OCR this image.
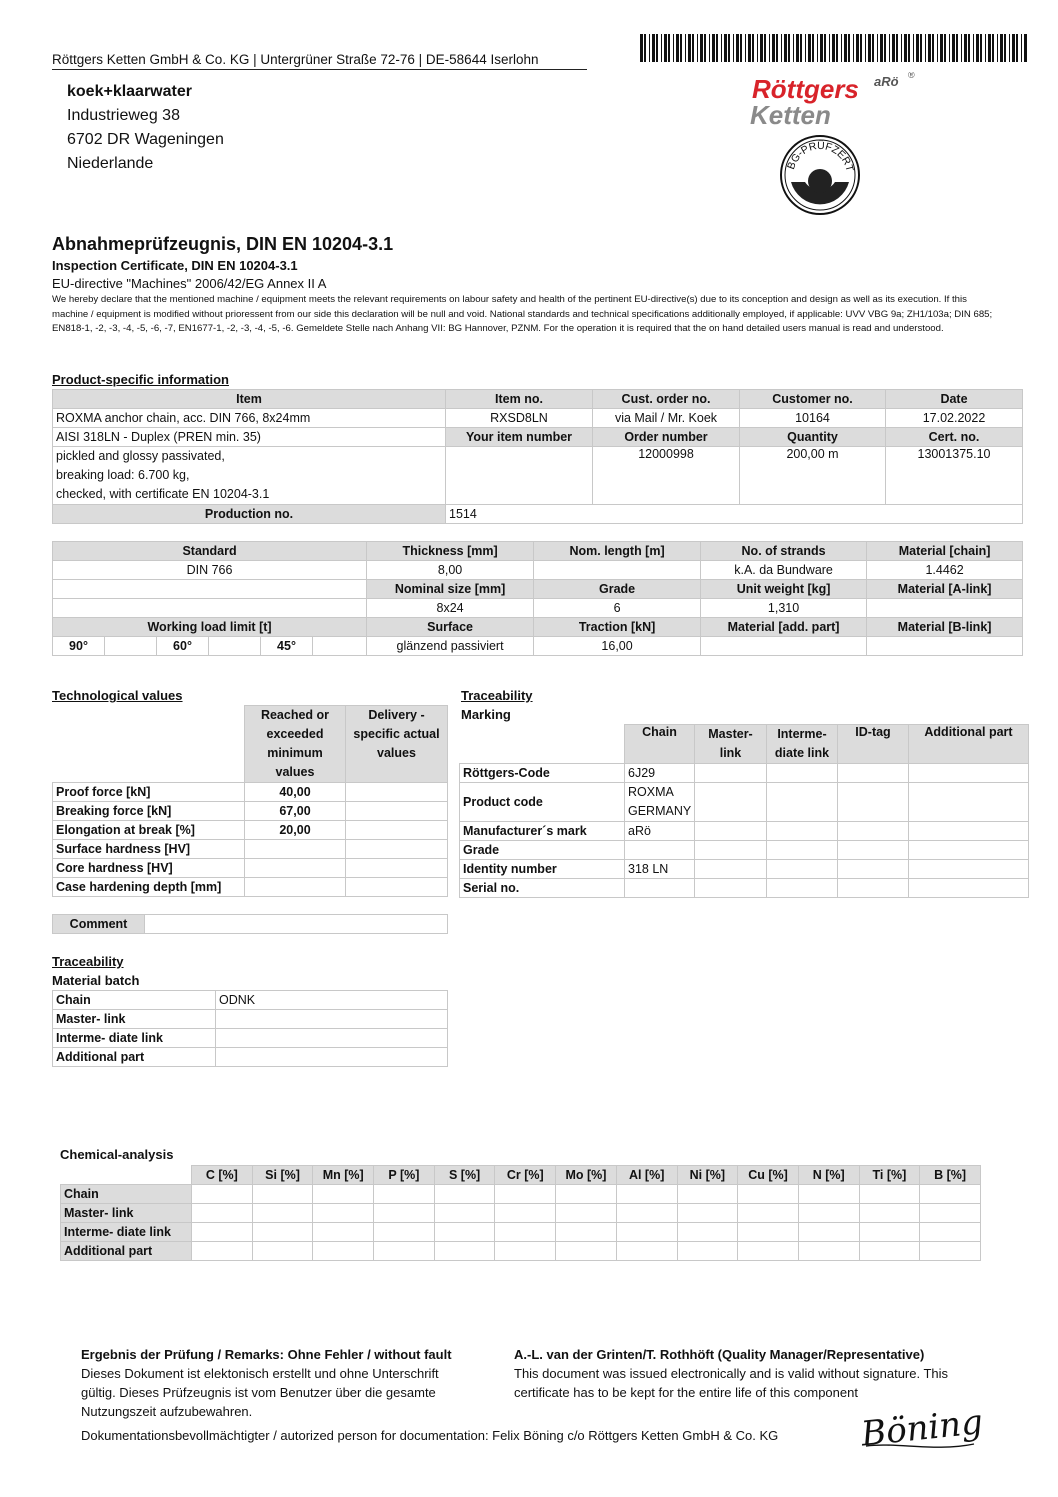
Röttgers Ketten GmbH & Co. KG | Untergrüner Straße 72-76 | DE-58644 Iserlohn
koek+klaarwater
Industrieweg 38
6702 DR Wageningen
Niederlande
Röttgers aRö ®
Ketten
BG-PRÜFZERT
Abnahmeprüfzeugnis, DIN EN 10204-3.1
Inspection Certificate, DIN EN 10204-3.1
EU-directive "Machines" 2006/42/EG Annex II A
We hereby declare that the mentioned machine / equipment meets the relevant requirements on labour safety and health of the pertinent EU-directive(s) due to its conception and design as well as its execution. If this machine / equipment is modified without prioressent from our side this declaration will be null and void. National standards and technical specifications additionally employed, if applicable: UVV VBG 9a; ZH1/103a; DIN 685; EN818-1, -2, -3, -4, -5, -6, -7, EN1677-1, -2, -3, -4, -5, -6. Gemeldete Stelle nach Anhang VII: BG Hannover, PZNM. For the operation it is required that the on hand detailed users manual is read and understood.
Product-specific information
Item	Item no.	Cust. order no.	Customer no.	Date
ROXMA anchor chain, acc. DIN 766, 8x24mm	RXSD8LN	via Mail / Mr. Koek	10164	17.02.2022
AISI 318LN - Duplex (PREN min. 35)	Your item number	Order number	Quantity	Cert. no.

pickled and glossy passivated,
breaking load: 6.700 kg,
checked, with certificate EN 10204-3.1		12000998	200,00 m	13001375.10
Production no.	1514			
Standard						Thickness [mm]	Nom. length [m]	No. of strands	Material [chain]
DIN 766						8,00		k.A. da Bundware	1.4462
						Nominal size [mm]	Grade	Unit weight [kg]	Material [A-link]
						8x24	6	1,310	
Working load limit [t]						Surface	Traction [kN]	Material [add. part]	Material [B-link]
90°		60°		45°		glänzend passiviert	16,00		
Technological values
	Reached or exceeded minimum values	Delivery - specific actual values
Proof force [kN]	40,00	
Breaking force [kN]	67,00	
Elongation at break [%]	20,00	
Surface hardness [HV]		
Core hardness [HV]		
Case hardening depth [mm]		
Comment	
Traceability
Marking
	Chain	Master-link	Interme-diate link	ID-tag	Additional part
Röttgers-Code	6J29				
Product code	ROXMA GERMANY				
Manufacturer´s mark	aRö				
Grade					
Identity number	318 LN				
Serial no.					
Traceability
Material batch
Chain	ODNK
Master- link	
Interme- diate link	
Additional part	
Chemical-analysis
	C [%]	Si [%]	Mn [%]	P [%]	S [%]	Cr [%]	Mo [%]	Al [%]	Ni [%]	Cu [%]	N [%]	Ti [%]	B [%]
Chain													
Master- link													
Interme- diate link													
Additional part													
Ergebnis der Prüfung / Remarks: Ohne Fehler / without fault
Dieses Dokument ist elektonisch erstellt und ohne Unterschrift
gültig. Dieses Prüfzeugnis ist vom Benutzer über die gesamte
Nutzungszeit aufzubewahren.
A.-L. van der Grinten/T. Rothhöft (Quality Manager/Representative)
This document was issued electronically and is valid without signature. This
certificate has to be kept for the entire life of this component
Dokumentationsbevollmächtigter / autorized person for documentation: Felix Böning c/o Röttgers Ketten GmbH & Co. KG	Böning
